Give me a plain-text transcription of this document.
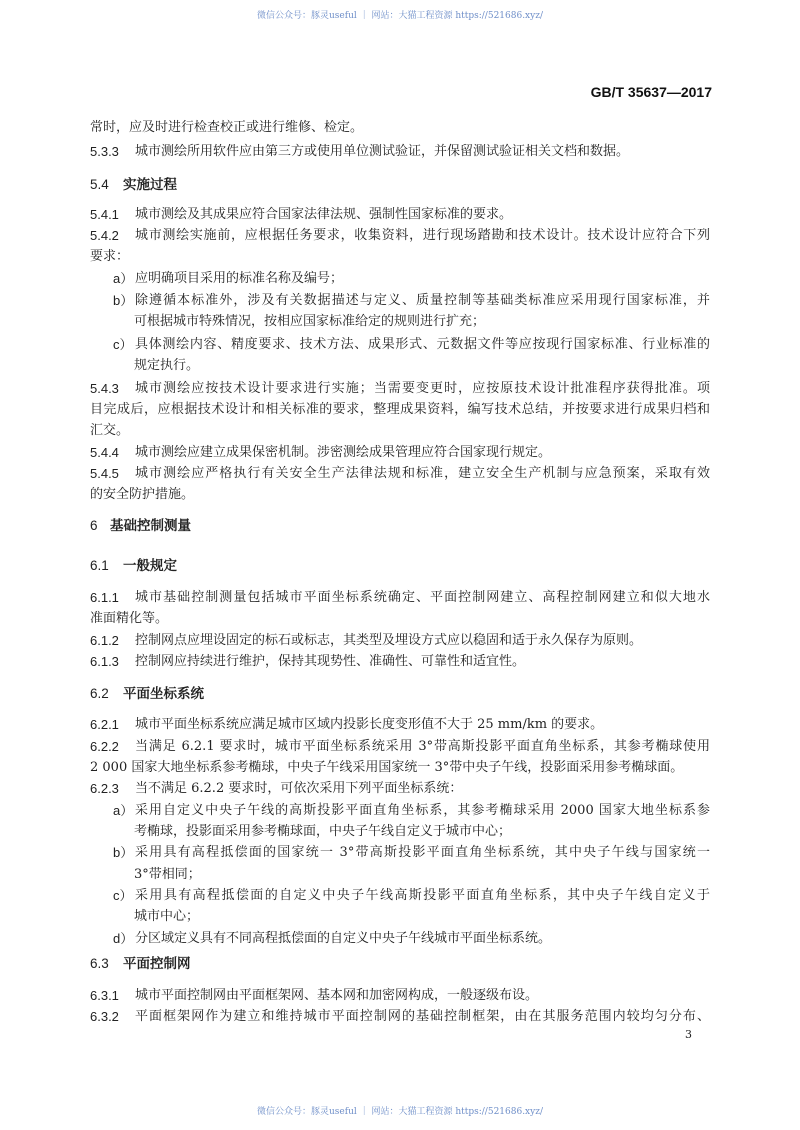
微信公众号：豚灵useful ｜ 网站：大猫工程资源 https://521686.xyz/
GB/T 35637—2017
常时，应及时进行检查校正或进行维修、检定。
5.3.3	城市测绘所用软件应由第三方或使用单位测试验证，并保留测试验证相关文档和数据。
5.4 实施过程
5.4.1	城市测绘及其成果应符合国家法律法规、强制性国家标准的要求。
5.4.2	城市测绘实施前，应根据任务要求，收集资料，进行现场踏勘和技术设计。技术设计应符合下列
要求：
a） 应明确项目采用的标准名称及编号；
b） 除遵循本标准外，涉及有关数据描述与定义、质量控制等基础类标准应采用现行国家标准，并
可根据城市特殊情况，按相应国家标准给定的规则进行扩充；
c） 具体测绘内容、精度要求、技术方法、成果形式、元数据文件等应按现行国家标准、行业标准的
规定执行。
5.4.3	城市测绘应按技术设计要求进行实施；当需要变更时，应按原技术设计批准程序获得批准。项
目完成后，应根据技术设计和相关标准的要求，整理成果资料，编写技术总结，并按要求进行成果归档和
汇交。
5.4.4	城市测绘应建立成果保密机制。涉密测绘成果管理应符合国家现行规定。
5.4.5	城市测绘应严格执行有关安全生产法律法规和标准，建立安全生产机制与应急预案，采取有效
的安全防护措施。
6 基础控制测量
6.1 一般规定
6.1.1	城市基础控制测量包括城市平面坐标系统确定、平面控制网建立、高程控制网建立和似大地水
准面精化等。
6.1.2	控制网点应埋设固定的标石或标志，其类型及埋设方式应以稳固和适于永久保存为原则。
6.1.3	控制网应持续进行维护，保持其现势性、准确性、可靠性和适宜性。
6.2 平面坐标系统
6.2.1	城市平面坐标系统应满足城市区域内投影长度变形值不大于 25 mm/km 的要求。
6.2.2	当满足 6.2.1 要求时，城市平面坐标系统采用 3°带高斯投影平面直角坐标系，其参考椭球使用
2 000 国家大地坐标系参考椭球，中央子午线采用国家统一 3°带中央子午线，投影面采用参考椭球面。
6.2.3	当不满足 6.2.2 要求时，可依次采用下列平面坐标系统：
a） 采用自定义中央子午线的高斯投影平面直角坐标系，其参考椭球采用 2000 国家大地坐标系参
考椭球，投影面采用参考椭球面，中央子午线自定义于城市中心；
b） 采用具有高程抵偿面的国家统一 3°带高斯投影平面直角坐标系统，其中央子午线与国家统一
3°带相同；
c） 采用具有高程抵偿面的自定义中央子午线高斯投影平面直角坐标系，其中央子午线自定义于
城市中心；
d） 分区域定义具有不同高程抵偿面的自定义中央子午线城市平面坐标系统。
6.3 平面控制网
6.3.1	城市平面控制网由平面框架网、基本网和加密网构成，一般逐级布设。
6.3.2	平面框架网作为建立和维持城市平面控制网的基础控制框架，由在其服务范围内较均匀分布、
3
微信公众号：豚灵useful ｜ 网站：大猫工程资源 https://521686.xyz/
